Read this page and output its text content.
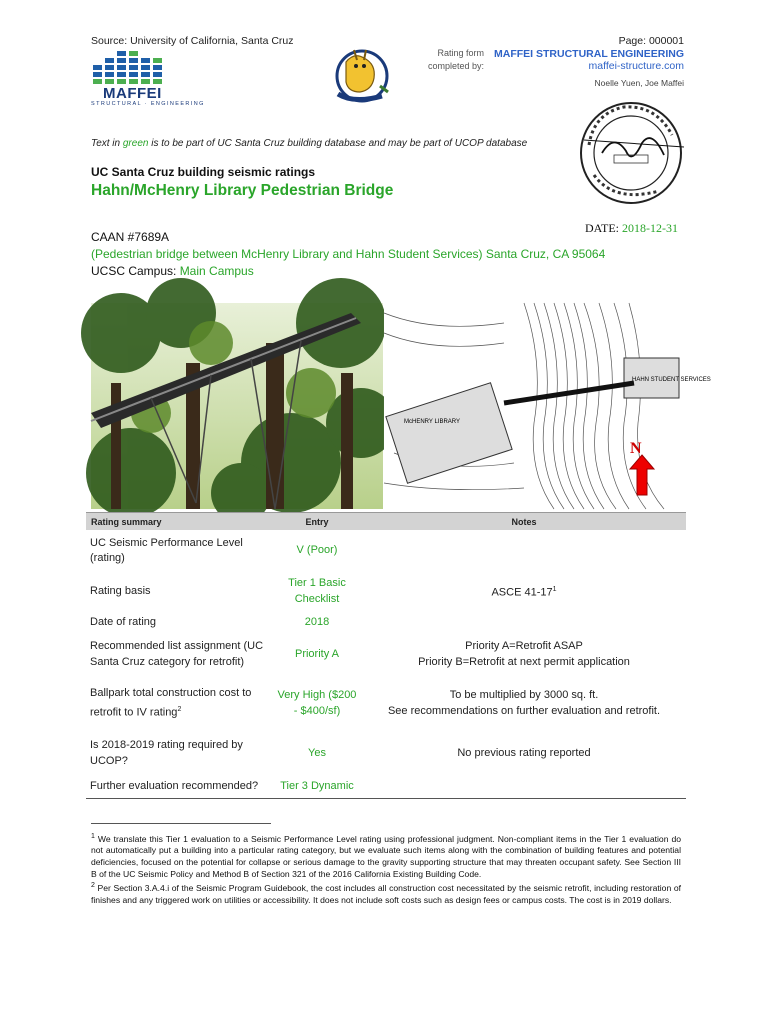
Source: University of California, Santa Cruz
MAFFEI
STRUCTURAL · ENGINEERING
Rating form completed by:
Page: 000001
MAFFEI STRUCTURAL ENGINEERING
maffei-structure.com
Noelle Yuen, Joe Maffei
Text in green is to be part of UC Santa Cruz building database and may be part of UCOP database
UC Santa Cruz building seismic ratings
Hahn/McHenry Library Pedestrian Bridge
DATE: 2018-12-31
CAAN #7689A
(Pedestrian bridge between McHenry Library and Hahn Student Services) Santa Cruz, CA 95064
UCSC Campus: Main Campus
McHENRY LIBRARY
HAHN STUDENT SERVICES
N
Rating summary	Entry	Notes
UC Seismic Performance Level (rating)	V (Poor)	
Rating basis	Tier 1 Basic Checklist	ASCE $41-17^1$
Date of rating	2018	
Recommended list assignment (UC Santa Cruz category for retrofit)	Priority A	Priority A=Retrofit ASAP
Priority B=Retrofit at next permit application

Ballpark total construction cost to retrofit to IV rating$^2$	Very High ($200 - $400/sf)	To be multiplied by 3000 sq. ft.
See recommendations on further evaluation and retrofit.

Is 2018-2019 rating required by UCOP?	Yes	No previous rating reported
Further evaluation recommended?	Tier 3 Dynamic	

$^1$ We translate this Tier 1 evaluation to a Seismic Performance Level rating using professional judgment. Non-compliant items in the Tier 1 evaluation do not automatically put a building into a particular rating category, but we evaluate such items along with the combination of building features and potential deficiencies, focused on the potential for collapse or serious damage to the gravity supporting structure that may threaten occupant safety. See Section III B of the UC Seismic Policy and Method B of Section 321 of the 2016 California Existing Building Code.

$^2$ Per Section 3.A.4.i of the Seismic Program Guidebook, the cost includes all construction cost necessitated by the seismic retrofit, including restoration of finishes and any triggered work on utilities or accessibility. It does not include soft costs such as design fees or campus costs. The cost is in 2019 dollars.
